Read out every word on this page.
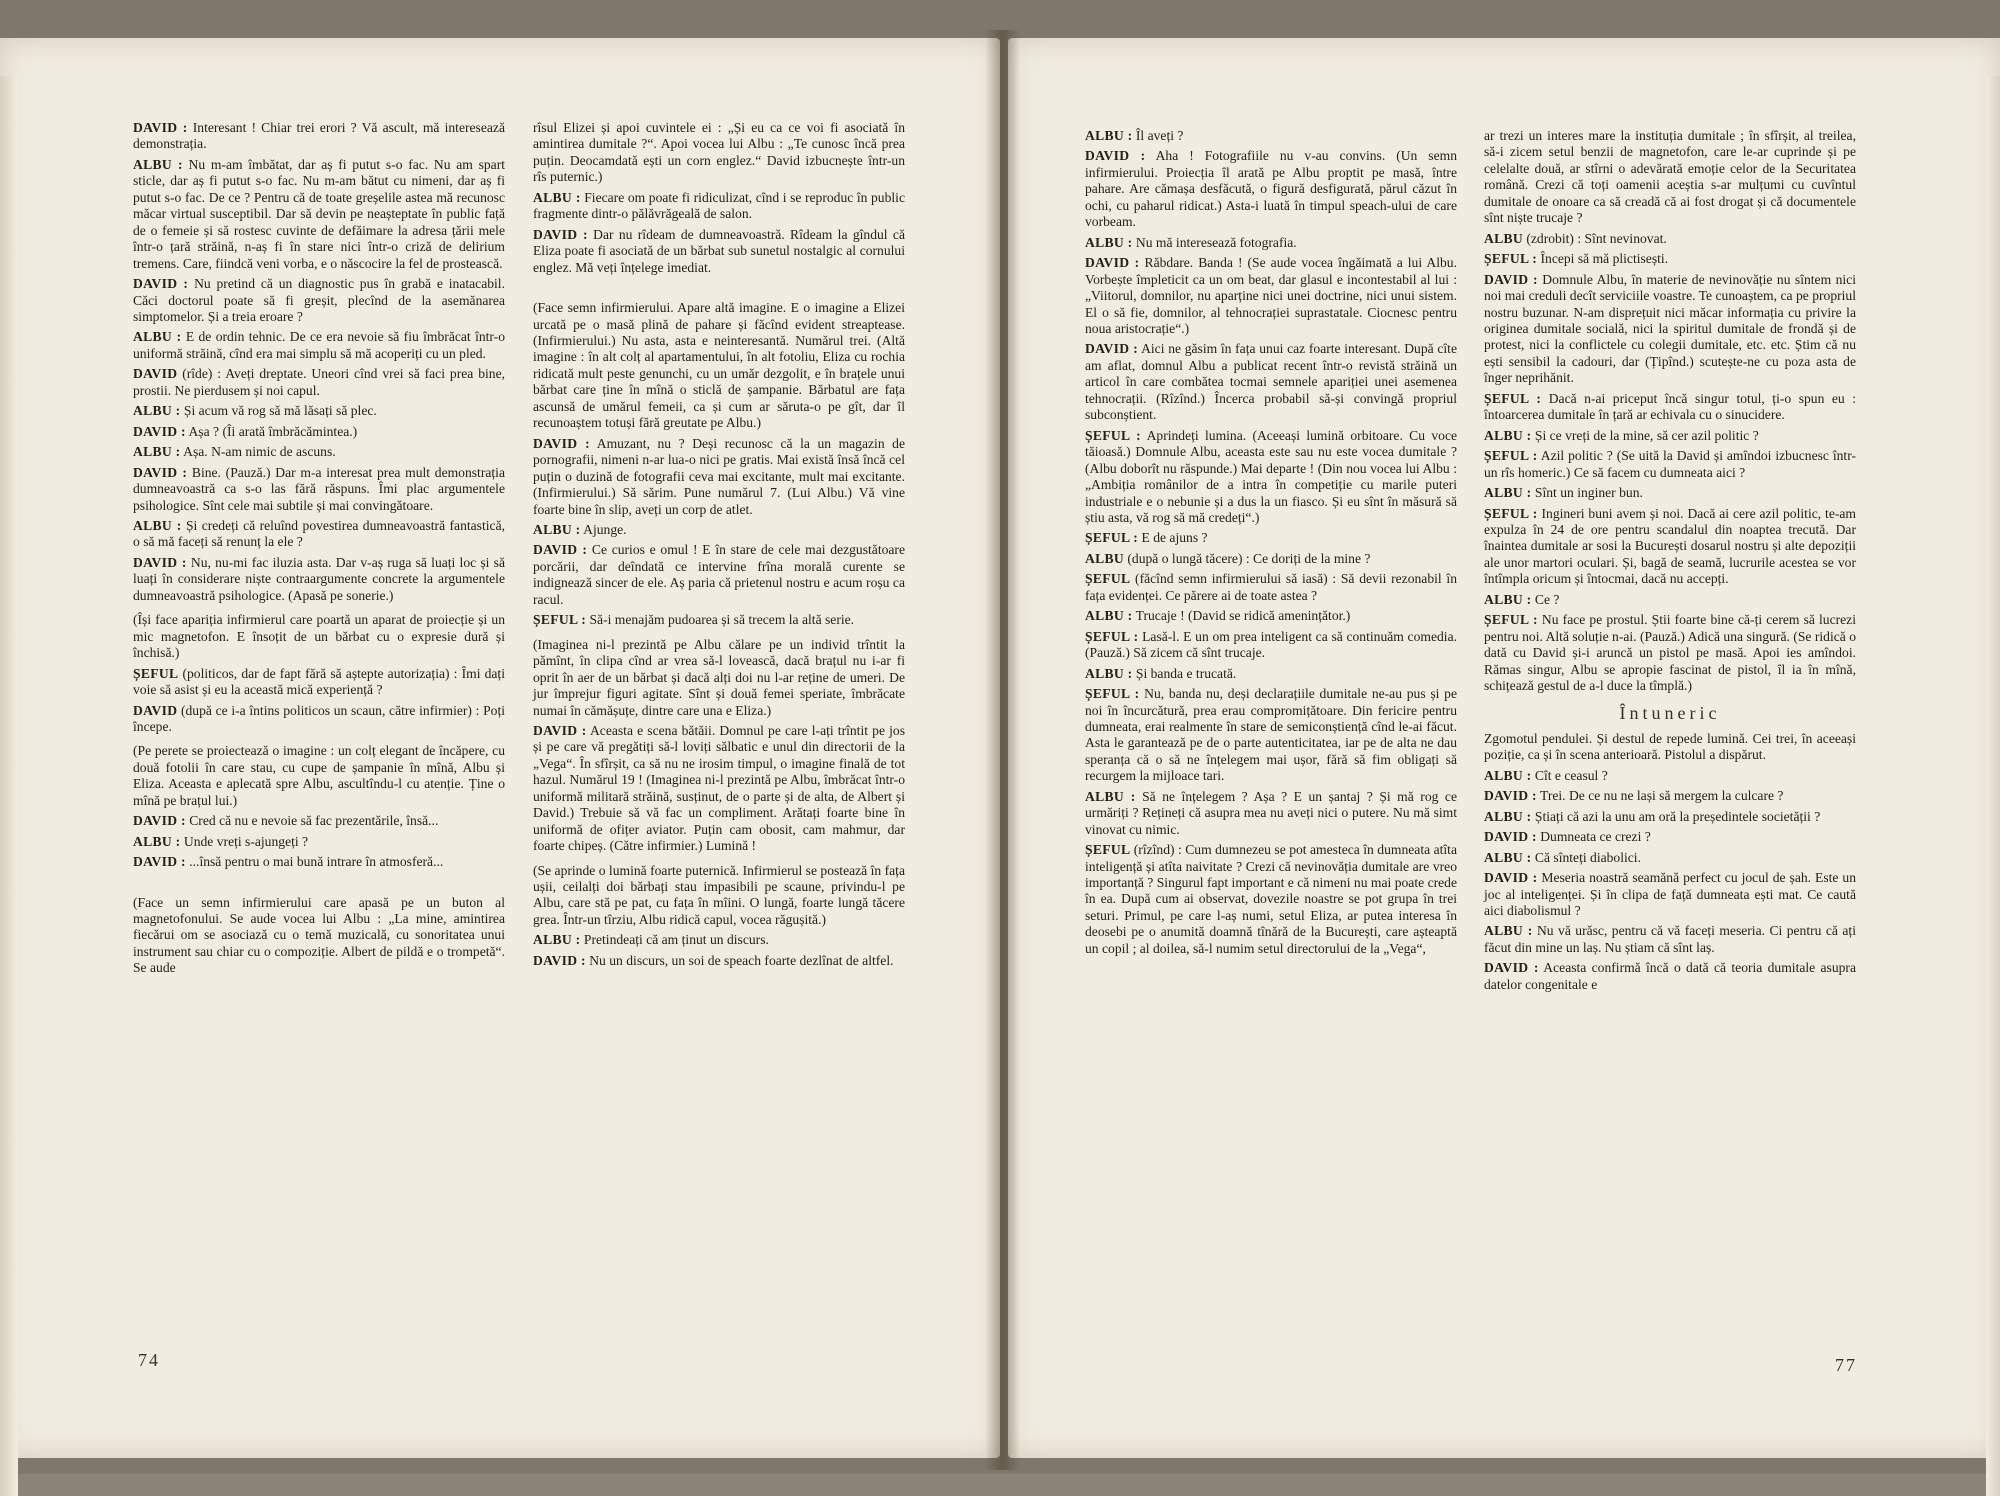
DAVID : Interesant ! Chiar trei erori ? Vă ascult, mă interesează demonstrația.

ALBU : Nu m-am îmbătat, dar aș fi putut s-o fac. Nu am spart sticle, dar aș fi putut s-o fac. Nu m-am bătut cu nimeni, dar aș fi putut s-o fac. De ce ? Pentru că de toate greșelile astea mă recunosc măcar virtual susceptibil. Dar să devin pe neașteptate în public față de o femeie și să rostesc cuvinte de defăimare la adresa țării mele într-o țară străină, n-aș fi în stare nici într-o criză de delirium tremens. Care, fiindcă veni vorba, e o născocire la fel de prostească.

DAVID : Nu pretind că un diagnostic pus în grabă e inatacabil. Căci doctorul poate să fi greșit, plecînd de la asemănarea simptomelor. Și a treia eroare ?

ALBU : E de ordin tehnic. De ce era nevoie să fiu îmbrăcat într-o uniformă străină, cînd era mai simplu să mă acoperiți cu un pled.

DAVID (rîde) : Aveți dreptate. Uneori cînd vrei să faci prea bine, prostii. Ne pierdusem și noi capul.

ALBU : Și acum vă rog să mă lăsați să plec.

DAVID : Așa ? (Îi arată îmbrăcămintea.)

ALBU : Așa. N-am nimic de ascuns.

DAVID : Bine. (Pauză.) Dar m-a interesat prea mult demonstrația dumneavoastră ca s-o las fără răspuns. Îmi plac argumentele psihologice. Sînt cele mai subtile și mai convingătoare.

ALBU : Și credeți că reluînd povestirea dumneavoastră fantastică, o să mă faceți să renunț la ele ?

DAVID : Nu, nu-mi fac iluzia asta. Dar v-aș ruga să luați loc și să luați în considerare niște contraargumente concrete la argumentele dumneavoastră psihologice. (Apasă pe sonerie.)

(Își face apariția infirmierul care poartă un aparat de proiecție și un mic magnetofon. E însoțit de un bărbat cu o expresie dură și închisă.)

ȘEFUL (politicos, dar de fapt fără să aștepte autorizația) : Îmi dați voie să asist și eu la această mică experiență ?

DAVID (după ce i-a întins politicos un scaun, către infirmier) : Poți începe.

(Pe perete se proiectează o imagine : un colț elegant de încăpere, cu două fotolii în care stau, cu cupe de șampanie în mînă, Albu și Eliza. Aceasta e aplecată spre Albu, ascultîndu-l cu atenție. Ține o mînă pe brațul lui.)

DAVID : Cred că nu e nevoie să fac prezentările, însă...

ALBU : Unde vreți s-ajungeți ?

DAVID : ...însă pentru o mai bună intrare în atmosferă...

(Face un semn infirmierului care apasă pe un buton al magnetofonului. Se aude vocea lui Albu : „La mine, amintirea fiecărui om se asociază cu o temă muzicală, cu sonoritatea unui instrument sau chiar cu o compoziție. Albert de pildă e o trompetă“. Se aude

rîsul Elizei și apoi cuvintele ei : „Și eu ca ce voi fi asociată în amintirea dumitale ?“. Apoi vocea lui Albu : „Te cunosc încă prea puțin. Deocamdată ești un corn englez.“ David izbucnește într-un rîs puternic.)

ALBU : Fiecare om poate fi ridiculizat, cînd i se reproduc în public fragmente dintr-o pălăvrăgeală de salon.

DAVID : Dar nu rîdeam de dumneavoastră. Rîdeam la gîndul că Eliza poate fi asociată de un bărbat sub sunetul nostalgic al cornului englez. Mă veți înțelege imediat.

(Face semn infirmierului. Apare altă imagine. E o imagine a Elizei urcată pe o masă plină de pahare și făcînd evident streaptease. (Infirmierului.) Nu asta, asta e neinteresantă. Numărul trei. (Altă imagine : în alt colț al apartamentului, în alt fotoliu, Eliza cu rochia ridicată mult peste genunchi, cu un umăr dezgolit, e în brațele unui bărbat care ține în mînă o sticlă de șampanie. Bărbatul are fața ascunsă de umărul femeii, ca și cum ar săruta-o pe gît, dar îl recunoaștem totuși fără greutate pe Albu.)

DAVID : Amuzant, nu ? Deși recunosc că la un magazin de pornografii, nimeni n-ar lua-o nici pe gratis. Mai există însă încă cel puțin o duzină de fotografii ceva mai excitante, mult mai excitante. (Infirmierului.) Să sărim. Pune numărul 7. (Lui Albu.) Vă vine foarte bine în slip, aveți un corp de atlet.

ALBU : Ajunge.

DAVID : Ce curios e omul ! E în stare de cele mai dezgustătoare porcării, dar deîndată ce intervine frîna morală curente se indignează sincer de ele. Aș paria că prietenul nostru e acum roșu ca racul.

ȘEFUL : Să-i menajăm pudoarea și să trecem la altă serie.

(Imaginea ni-l prezintă pe Albu călare pe un individ trîntit la pămînt, în clipa cînd ar vrea să-l lovească, dacă brațul nu i-ar fi oprit în aer de un bărbat și dacă alți doi nu l-ar reține de umeri. De jur împrejur figuri agitate. Sînt și două femei speriate, îmbrăcate numai în cămășuțe, dintre care una e Eliza.)

DAVID : Aceasta e scena bătăii. Domnul pe care l-ați trîntit pe jos și pe care vă pregătiți să-l loviți sălbatic e unul din directorii de la „Vega“. În sfîrșit, ca să nu ne irosim timpul, o imagine finală de tot hazul. Numărul 19 ! (Imaginea ni-l prezintă pe Albu, îmbrăcat într-o uniformă militară străină, susținut, de o parte și de alta, de Albert și David.) Trebuie să vă fac un compliment. Arătați foarte bine în uniformă de ofițer aviator. Puțin cam obosit, cam mahmur, dar foarte chipeș. (Către infirmier.) Lumină !

(Se aprinde o lumină foarte puternică. Infirmierul se postează în fața ușii, ceilalți doi bărbați stau impasibili pe scaune, privindu-l pe Albu, care stă pe pat, cu fața în mîini. O lungă, foarte lungă tăcere grea. Într-un tîrziu, Albu ridică capul, vocea răgușită.)

ALBU : Pretindeați că am ținut un discurs.

DAVID : Nu un discurs, un soi de speach foarte dezlînat de altfel.

ALBU : Îl aveți ?

DAVID : Aha ! Fotografiile nu v-au convins. (Un semn infirmierului. Proiecția îl arată pe Albu proptit pe masă, între pahare. Are cămașa desfăcută, o figură desfigurată, părul căzut în ochi, cu paharul ridicat.) Asta-i luată în timpul speach-ului de care vorbeam.

ALBU : Nu mă interesează fotografia.

DAVID : Răbdare. Banda ! (Se aude vocea îngăimată a lui Albu. Vorbește împleticit ca un om beat, dar glasul e incontestabil al lui : „Viitorul, domnilor, nu aparține nici unei doctrine, nici unui sistem. El o să fie, domnilor, al tehnocrației suprastatale. Ciocnesc pentru noua aristocrație“.)

DAVID : Aici ne găsim în fața unui caz foarte interesant. După cîte am aflat, domnul Albu a publicat recent într-o revistă străină un articol în care combătea tocmai semnele apariției unei asemenea tehnocrații. (Rîzînd.) Încerca probabil să-și convingă propriul subconștient.

ȘEFUL : Aprindeți lumina. (Aceeași lumină orbitoare. Cu voce tăioasă.) Domnule Albu, aceasta este sau nu este vocea dumitale ? (Albu doborît nu răspunde.) Mai departe ! (Din nou vocea lui Albu : „Ambiția românilor de a intra în competiție cu marile puteri industriale e o nebunie și a dus la un fiasco. Și eu sînt în măsură să știu asta, vă rog să mă credeți“.)

ȘEFUL : E de ajuns ?

ALBU (după o lungă tăcere) : Ce doriți de la mine ?

ȘEFUL (făcînd semn infirmierului să iasă) : Să devii rezonabil în fața evidenței. Ce părere ai de toate astea ?

ALBU : Trucaje ! (David se ridică amenințător.)

ȘEFUL : Lasă-l. E un om prea inteligent ca să continuăm comedia. (Pauză.) Să zicem că sînt trucaje.

ALBU : Și banda e trucată.

ȘEFUL : Nu, banda nu, deși declarațiile dumitale ne-au pus și pe noi în încurcătură, prea erau compromițătoare. Din fericire pentru dumneata, erai realmente în stare de semiconștiență cînd le-ai făcut. Asta le garantează pe de o parte autenticitatea, iar pe de alta ne dau speranța că o să ne înțelegem mai ușor, fără să fim obligați să recurgem la mijloace tari.

ALBU : Să ne înțelegem ? Așa ? E un șantaj ? Și mă rog ce urmăriți ? Rețineți că asupra mea nu aveți nici o putere. Nu mă simt vinovat cu nimic.

ȘEFUL (rîzînd) : Cum dumnezeu se pot amesteca în dumneata atîta inteligență și atîta naivitate ? Crezi că nevinovăția dumitale are vreo importanță ? Singurul fapt important e că nimeni nu mai poate crede în ea. După cum ai observat, dovezile noastre se pot grupa în trei seturi. Primul, pe care l-aș numi, setul Eliza, ar putea interesa în deosebi pe o anumită doamnă tînără de la București, care așteaptă un copil ; al doilea, să-l numim setul directorului de la „Vega“,

ar trezi un interes mare la instituția dumitale ; în sfîrșit, al treilea, să-i zicem setul benzii de magnetofon, care le-ar cuprinde și pe celelalte două, ar stîrni o adevărată emoție celor de la Securitatea română. Crezi că toți oamenii aceștia s-ar mulțumi cu cuvîntul dumitale de onoare ca să creadă că ai fost drogat și că documentele sînt niște trucaje ?

ALBU (zdrobit) : Sînt nevinovat.

ȘEFUL : Începi să mă plictisești.

DAVID : Domnule Albu, în materie de nevinovăție nu sîntem nici noi mai creduli decît serviciile voastre. Te cunoaștem, ca pe propriul nostru buzunar. N-am disprețuit nici măcar informația cu privire la originea dumitale socială, nici la spiritul dumitale de frondă și de protest, nici la conflictele cu colegii dumitale, etc. etc. Știm că nu ești sensibil la cadouri, dar (Țipînd.) scutește-ne cu poza asta de înger neprihănit.

ȘEFUL : Dacă n-ai priceput încă singur totul, ți-o spun eu : întoarcerea dumitale în țară ar echivala cu o sinucidere.

ALBU : Și ce vreți de la mine, să cer azil politic ?

ȘEFUL : Azil politic ? (Se uită la David și amîndoi izbucnesc într-un rîs homeric.) Ce să facem cu dumneata aici ?

ALBU : Sînt un inginer bun.

ȘEFUL : Ingineri buni avem și noi. Dacă ai cere azil politic, te-am expulza în 24 de ore pentru scandalul din noaptea trecută. Dar înaintea dumitale ar sosi la București dosarul nostru și alte depoziții ale unor martori oculari. Și, bagă de seamă, lucrurile acestea se vor întîmpla oricum și întocmai, dacă nu accepți.

ALBU : Ce ?

ȘEFUL : Nu face pe prostul. Știi foarte bine că-ți cerem să lucrezi pentru noi. Altă soluție n-ai. (Pauză.) Adică una singură. (Se ridică o dată cu David și-i aruncă un pistol pe masă. Apoi ies amîndoi. Rămas singur, Albu se apropie fascinat de pistol, îl ia în mînă, schițează gestul de a-l duce la tîmplă.)

Întuneric

Zgomotul pendulei. Și destul de repede lumină. Cei trei, în aceeași poziție, ca și în scena anterioară. Pistolul a dispărut.

ALBU : Cît e ceasul ?

DAVID : Trei. De ce nu ne lași să mergem la culcare ?

ALBU : Știați că azi la unu am oră la președintele societății ?

DAVID : Dumneata ce crezi ?

ALBU : Că sînteți diabolici.

DAVID : Meseria noastră seamănă perfect cu jocul de șah. Este un joc al inteligenței. Și în clipa de față dumneata ești mat. Ce caută aici diabolismul ?

ALBU : Nu vă urăsc, pentru că vă faceți meseria. Ci pentru că ați făcut din mine un laș. Nu știam că sînt laș.

DAVID : Aceasta confirmă încă o dată că teoria dumitale asupra datelor congenitale e

74	77
